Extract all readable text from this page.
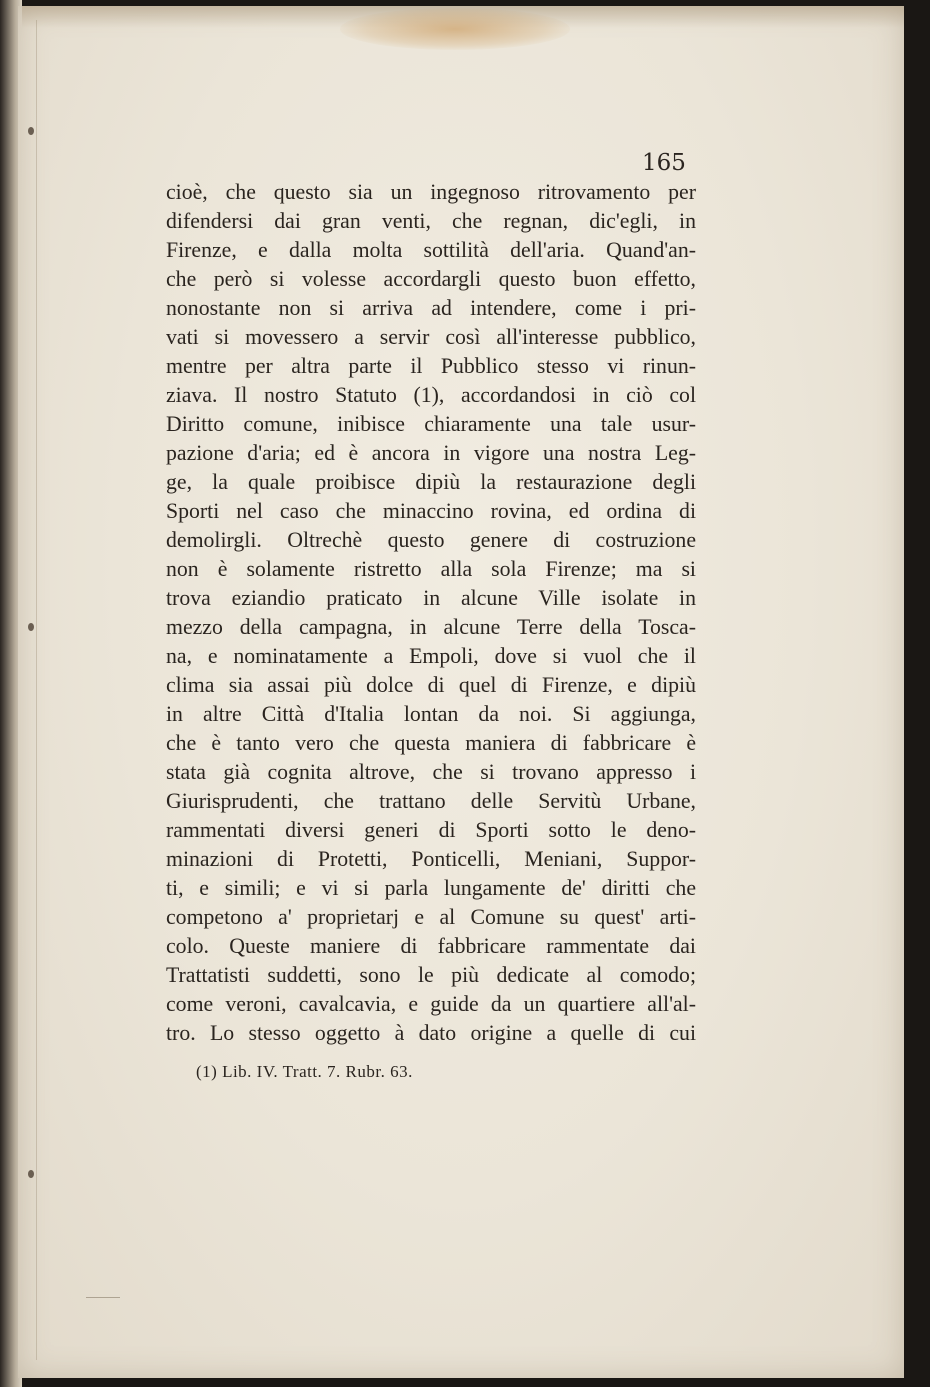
165
cioè, che questo sia un ingegnoso ritrovamento per
difendersi dai gran venti, che regnan, dic'egli, in
Firenze, e dalla molta sottilità dell'aria. Quand'an-
che però si volesse accordargli questo buon effetto,
nonostante non si arriva ad intendere, come i pri-
vati si movessero a servir così all'interesse pubblico,
mentre per altra parte il Pubblico stesso vi rinun-
ziava. Il nostro Statuto (1), accordandosi in ciò col
Diritto comune, inibisce chiaramente una tale usur-
pazione d'aria; ed è ancora in vigore una nostra Leg-
ge, la quale proibisce dipiù la restaurazione degli
Sporti nel caso che minaccino rovina, ed ordina di
demolirgli. Oltrechè questo genere di costruzione
non è solamente ristretto alla sola Firenze; ma si
trova eziandio praticato in alcune Ville isolate in
mezzo della campagna, in alcune Terre della Tosca-
na, e nominatamente a Empoli, dove si vuol che il
clima sia assai più dolce di quel di Firenze, e dipiù
in altre Città d'Italia lontan da noi. Si aggiunga,
che è tanto vero che questa maniera di fabbricare è
stata già cognita altrove, che si trovano appresso i
Giurisprudenti, che trattano delle Servitù Urbane,
rammentati diversi generi di Sporti sotto le deno-
minazioni di Protetti, Ponticelli, Meniani, Suppor-
ti, e simili; e vi si parla lungamente de' diritti che
competono a' proprietarj e al Comune su quest' arti-
colo. Queste maniere di fabbricare rammentate dai
Trattatisti suddetti, sono le più dedicate al comodo;
come veroni, cavalcavia, e guide da un quartiere all'al-
tro. Lo stesso oggetto à dato origine a quelle di cui
(1) Lib. IV. Tratt. 7. Rubr. 63.
